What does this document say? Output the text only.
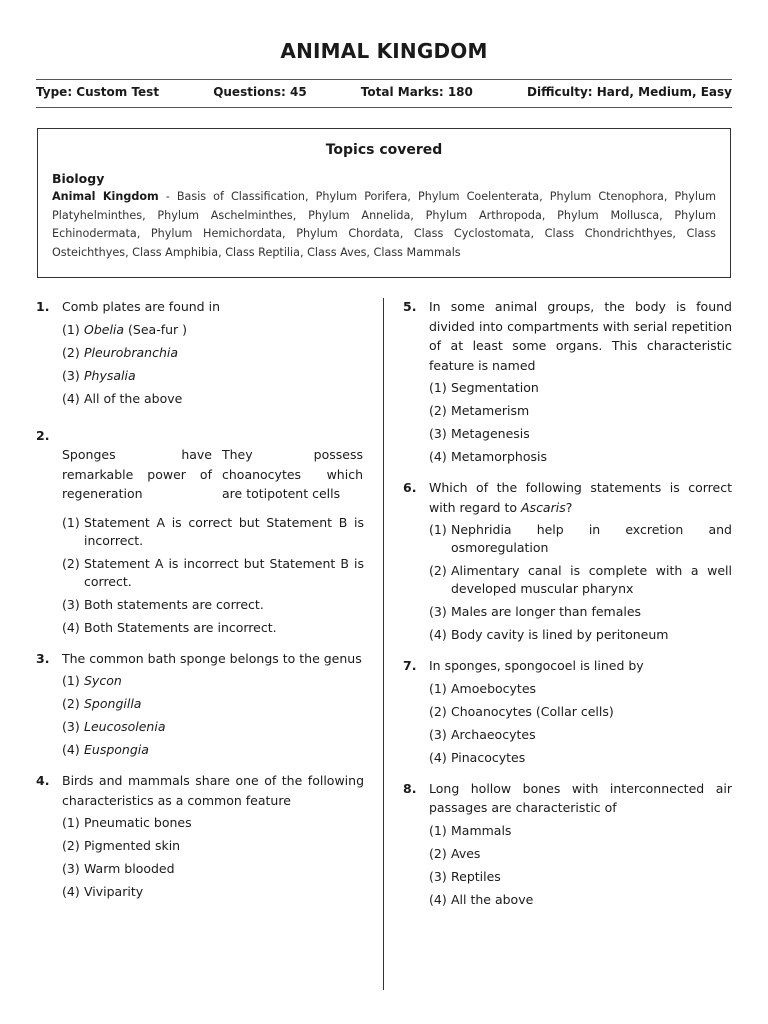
ANIMAL KINGDOM
Type: Custom Test	Questions: 45	Total Marks: 180	Difficulty: Hard, Medium, Easy
Topics covered
Biology
Animal Kingdom - Basis of Classification, Phylum Porifera, Phylum Coelenterata, Phylum Ctenophora, Phylum Platyhelminthes, Phylum Aschelminthes, Phylum Annelida, Phylum Arthropoda, Phylum Mollusca, Phylum Echinodermata, Phylum Hemichordata, Phylum Chordata, Class Cyclostomata, Class Chondrichthyes, Class Osteichthyes, Class Amphibia, Class Reptilia, Class Aves, Class Mammals
1.	Comb plates are found in
(1) Obelia (Sea-fur )
(2) Pleurobranchia
(3) Physalia
(4) All of the above
2.
Sponges have remarkable power of regeneration
They possess choanocytes which are totipotent cells
(1) Statement A is correct but Statement B is incorrect.
(2) Statement A is incorrect but Statement B is correct.
(3) Both statements are correct.
(4) Both Statements are incorrect.
3.	The common bath sponge belongs to the genus
(1) Sycon
(2) Spongilla
(3) Leucosolenia
(4) Euspongia
4.	Birds and mammals share one of the following characteristics as a common feature
(1) Pneumatic bones
(2) Pigmented skin
(3) Warm blooded
(4) Viviparity
5.	In some animal groups, the body is found divided into compartments with serial repetition of at least some organs. This characteristic feature is named
(1) Segmentation
(2) Metamerism
(3) Metagenesis
(4) Metamorphosis
6.	Which of the following statements is correct with regard to Ascaris?
(1) Nephridia help in excretion and osmoregulation
(2) Alimentary canal is complete with a well developed muscular pharynx
(3) Males are longer than females
(4) Body cavity is lined by peritoneum
7.	In sponges, spongocoel is lined by
(1) Amoebocytes
(2) Choanocytes (Collar cells)
(3) Archaeocytes
(4) Pinacocytes
8.	Long hollow bones with interconnected air passages are characteristic of
(1) Mammals
(2) Aves
(3) Reptiles
(4) All the above
